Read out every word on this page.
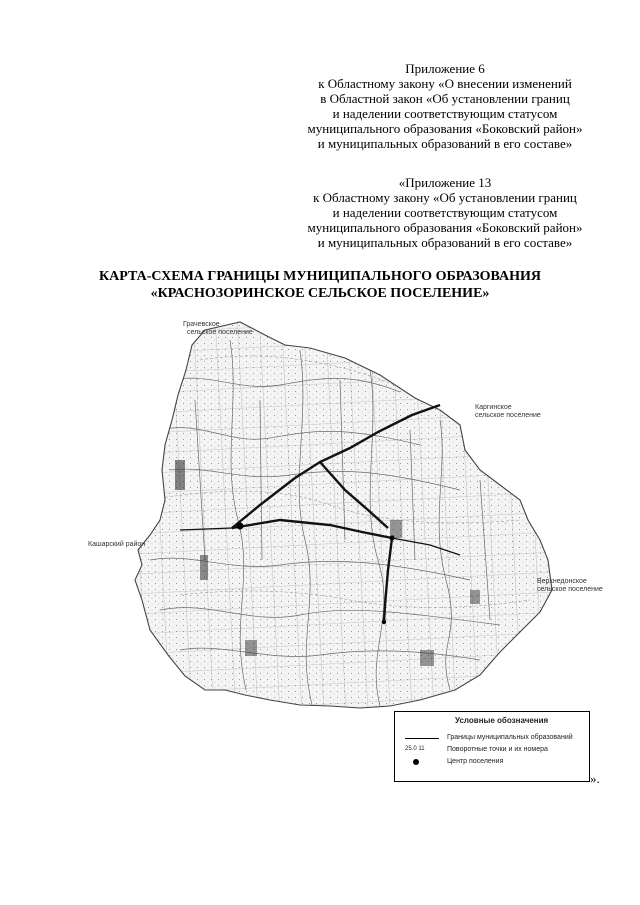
Приложение 6
к Областному закону «О внесении изменений
в Областной закон «Об установлении границ
и наделении соответствующим статусом
муниципального образования «Боковский район»
и муниципальных образований в его составе»
«Приложение 13
к Областному закону «Об установлении границ
и наделении соответствующим статусом
муниципального образования «Боковский район»
и муниципальных образований в его составе»
КАРТА-СХЕМА ГРАНИЦЫ МУНИЦИПАЛЬНОГО ОБРАЗОВАНИЯ
«КРАСНОЗОРИНСКОЕ СЕЛЬСКОЕ ПОСЕЛЕНИЕ»
Грачевское
сельское поселение
Каргинское
сельское поселение
Кашарский район
Верхнедонское
сельское поселение
Условные обозначения
Границы муниципальных образований
25.0 11	Поворотные точки и их номера
Центр поселения
».
